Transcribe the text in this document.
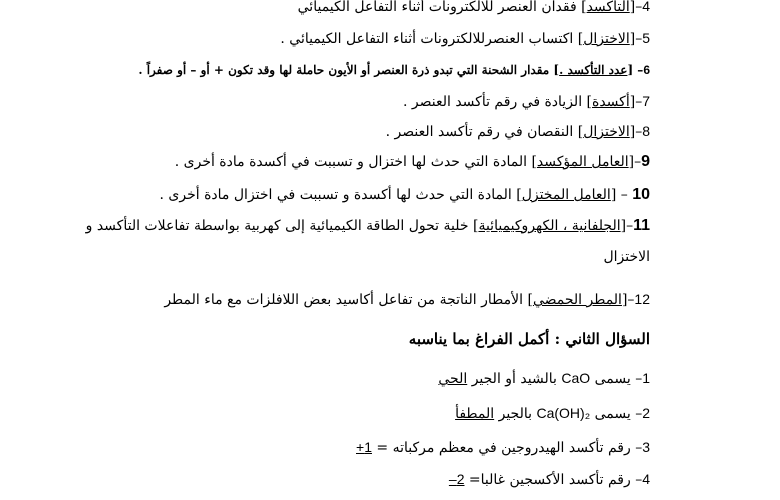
4–[التأكسد] فقدان العنصر للالكترونات أثناء التفاعل الكيميائي
5–[الاختزال] اكتساب العنصرللالكترونات أثناء التفاعل الكيميائي .
6– [عدد التأكسد .] مقدار الشحنة التي تبدو ذرة العنصر أو الأيون حاملة لها وقد تكون + أو – أو صفراً .
7–[أكسدة] الزيادة في رقم تأكسد العنصر .
8–[الاختزال] النقصان في رقم تأكسد العنصر .
9–[العامل المؤكسد] المادة التي حدث لها اختزال و تسببت في أكسدة مادة أخرى .
10 – [العامل المختزل] المادة التي حدث لها أكسدة و تسببت في اختزال مادة أخرى .
11–[الجلفانية ، الكهروكيميائية] خلية تحول الطاقة الكيميائية إلى كهربية بواسطة تفاعلات التأكسد و
الاختزال
12–[المطر الحمضي] الأمطار الناتجة من تفاعل أكاسيد بعض اللافلزات مع ماء المطر
السؤال الثاني : أكمل الفراغ بما يناسبه
1– يسمى CaO بالشيد أو الجير الحي
2– يسمى Ca(OH)₂ بالجير المطفأ
3– رقم تأكسد الهيدروجين في معظم مركباته = 1+
4– رقم تأكسد الأكسجين غالبا= 2–
